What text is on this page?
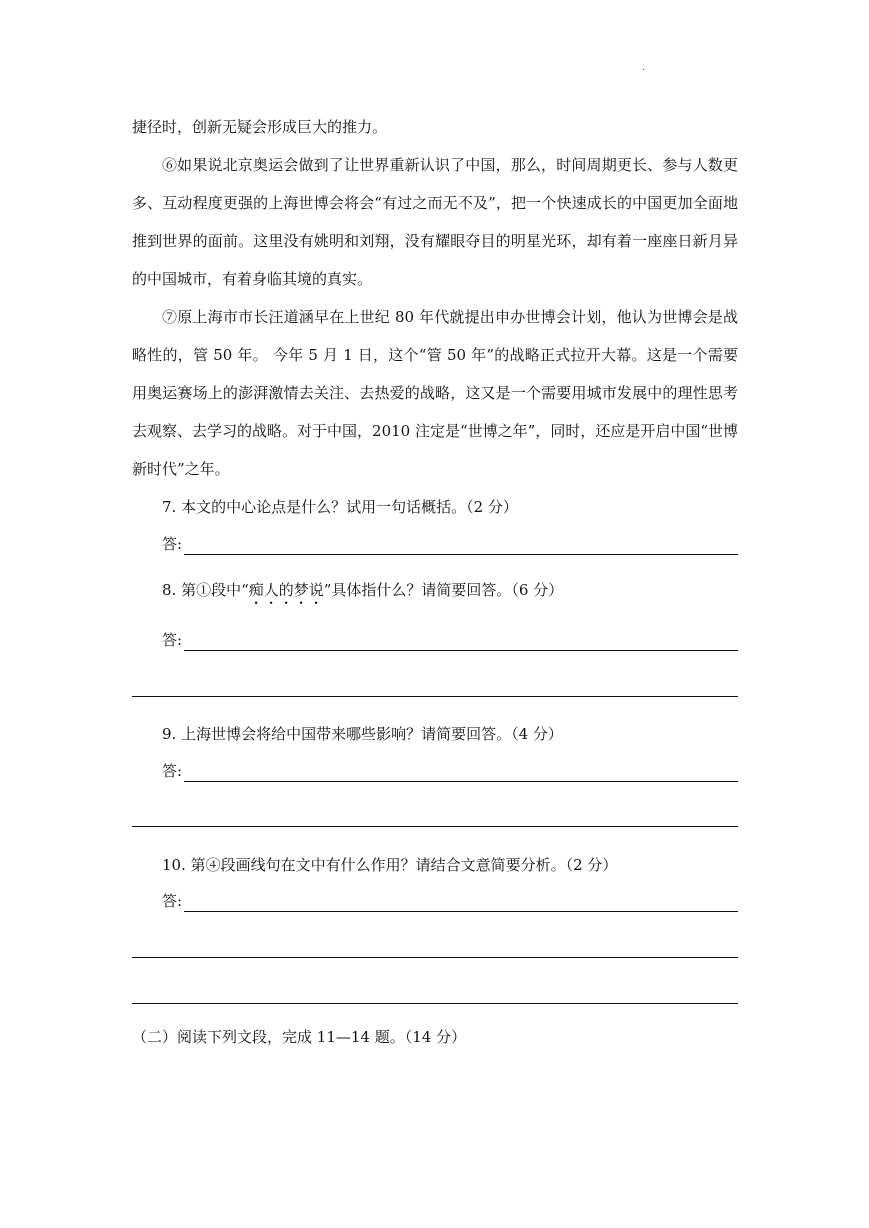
.

捷径时，创新无疑会形成巨大的推力。

⑥如果说北京奥运会做到了让世界重新认识了中国，那么，时间周期更长、参与人数更多、互动程度更强的上海世博会将会“有过之而无不及”，把一个快速成长的中国更加全面地推到世界的面前。这里没有姚明和刘翔，没有耀眼夺目的明星光环，却有着一座座日新月异的中国城市，有着身临其境的真实。

⑦原上海市市长汪道涵早在上世纪 80 年代就提出申办世博会计划，他认为世博会是战略性的，管 50 年。 今年 5 月 1 日，这个“管 50 年”的战略正式拉开大幕。这是一个需要用奥运赛场上的澎湃激情去关注、去热爱的战略，这又是一个需要用城市发展中的理性思考去观察、去学习的战略。对于中国，2010 注定是“世博之年”，同时，还应是开启中国“世博新时代”之年。

7. 本文的中心论点是什么？试用一句话概括。（2 分）

答:

8. 第①段中“痴人的梦说”具体指什么？请简要回答。（6 分）

答:

9. 上海世博会将给中国带来哪些影响？请简要回答。（4 分）

答:

10. 第④段画线句在文中有什么作用？请结合文意简要分析。（2 分）

答:

（二）阅读下列文段，完成 11—14 题。（14 分）
